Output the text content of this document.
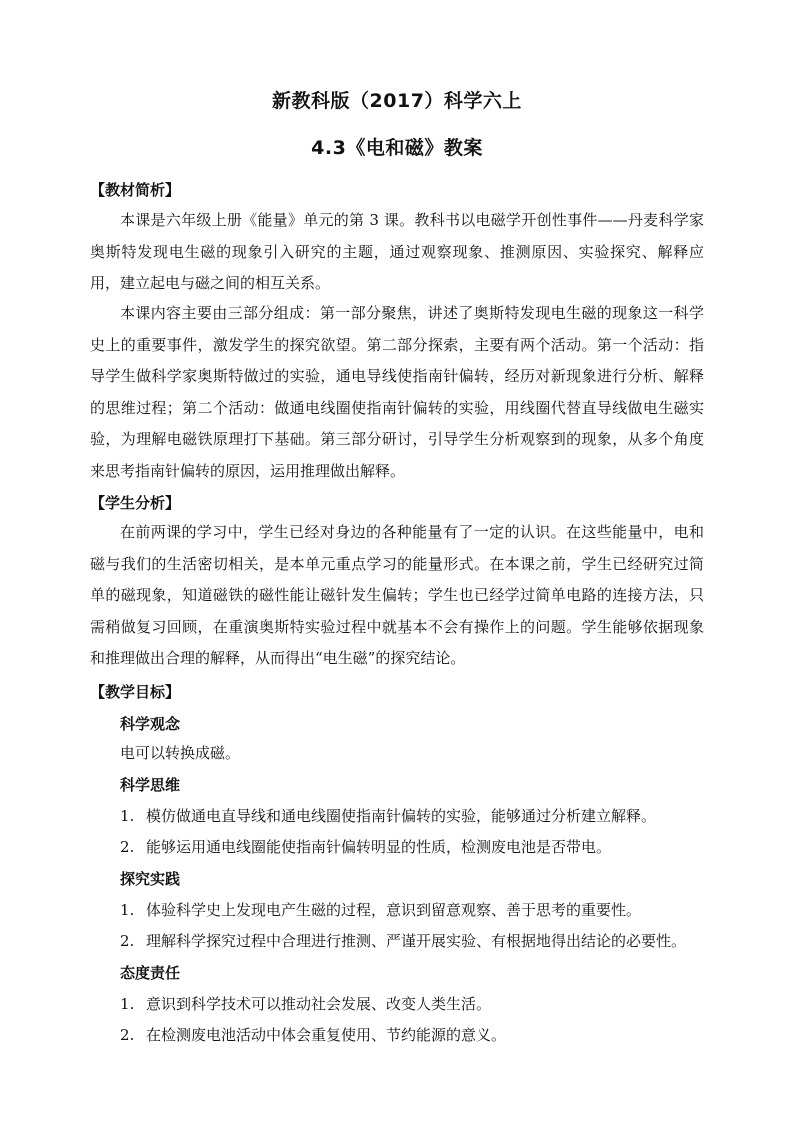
新教科版（2017）科学六上
4.3《电和磁》教案
【教材简析】

本课是六年级上册《能量》单元的第 3 课。教科书以电磁学开创性事件——丹麦科学家奥斯特发现电生磁的现象引入研究的主题，通过观察现象、推测原因、实验探究、解释应用，建立起电与磁之间的相互关系。

本课内容主要由三部分组成：第一部分聚焦，讲述了奥斯特发现电生磁的现象这一科学史上的重要事件，激发学生的探究欲望。第二部分探索，主要有两个活动。第一个活动：指导学生做科学家奥斯特做过的实验，通电导线使指南针偏转，经历对新现象进行分析、解释的思维过程；第二个活动：做通电线圈使指南针偏转的实验，用线圈代替直导线做电生磁实验，为理解电磁铁原理打下基础。第三部分研讨，引导学生分析观察到的现象，从多个角度来思考指南针偏转的原因，运用推理做出解释。

【学生分析】

在前两课的学习中，学生已经对身边的各种能量有了一定的认识。在这些能量中，电和磁与我们的生活密切相关，是本单元重点学习的能量形式。在本课之前，学生已经研究过简单的磁现象，知道磁铁的磁性能让磁针发生偏转；学生也已经学过简单电路的连接方法，只需稍做复习回顾，在重演奥斯特实验过程中就基本不会有操作上的问题。学生能够依据现象和推理做出合理的解释，从而得出“电生磁”的探究结论。

【教学目标】
科学观念
电可以转换成磁。
科学思维
1. 模仿做通电直导线和通电线圈使指南针偏转的实验，能够通过分析建立解释。
2. 能够运用通电线圈能使指南针偏转明显的性质，检测废电池是否带电。
探究实践
1. 体验科学史上发现电产生磁的过程，意识到留意观察、善于思考的重要性。
2. 理解科学探究过程中合理进行推测、严谨开展实验、有根据地得出结论的必要性。
态度责任
1. 意识到科学技术可以推动社会发展、改变人类生活。
2. 在检测废电池活动中体会重复使用、节约能源的意义。
